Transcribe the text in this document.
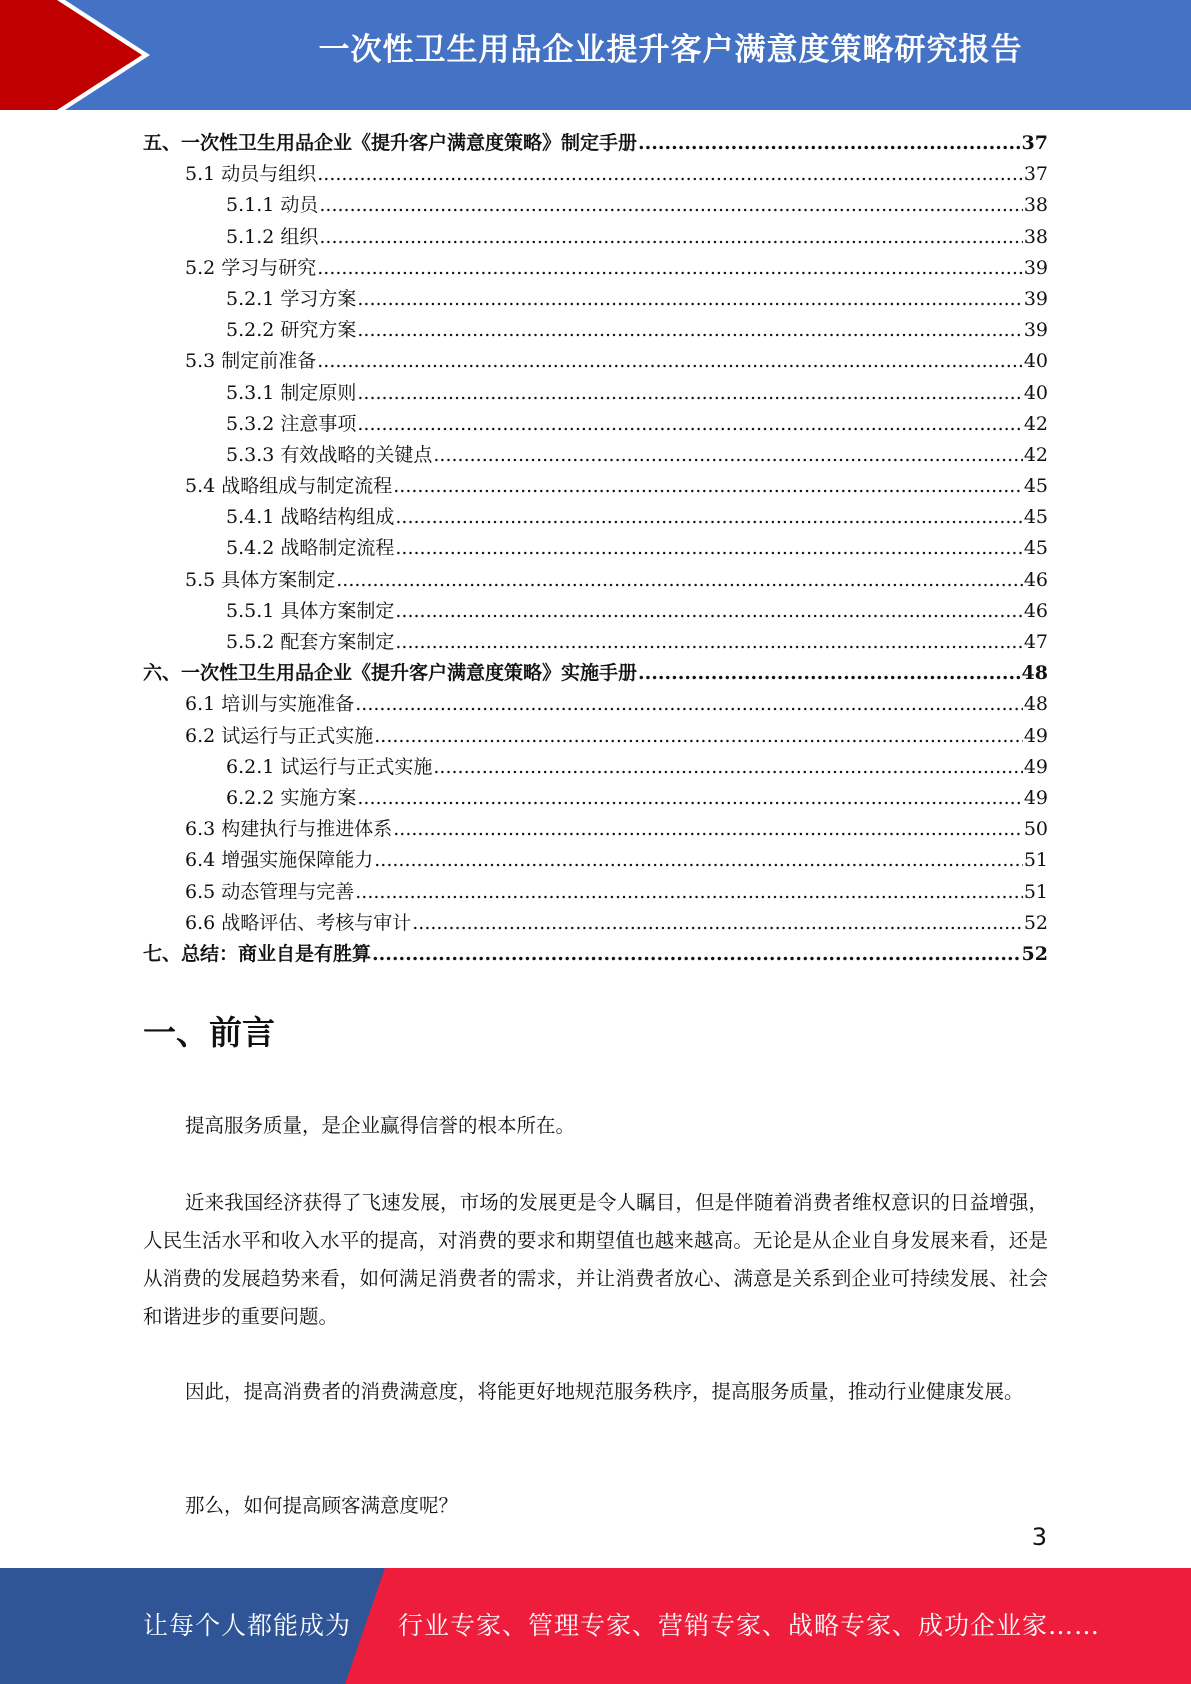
一次性卫生用品企业提升客户满意度策略研究报告
五、一次性卫生用品企业《提升客户满意度策略》制定手册 .....	37
5.1 动员与组织 .....	37
5.1.1 动员 .....	38
5.1.2 组织 .....	38
5.2 学习与研究 .....	39
5.2.1 学习方案 .....	39
5.2.2 研究方案 .....	39
5.3 制定前准备 .....	40
5.3.1 制定原则 .....	40
5.3.2 注意事项 .....	42
5.3.3 有效战略的关键点 .....	42
5.4 战略组成与制定流程 .....	45
5.4.1 战略结构组成 .....	45
5.4.2 战略制定流程 .....	45
5.5 具体方案制定 .....	46
5.5.1 具体方案制定 .....	46
5.5.2 配套方案制定 .....	47
六、一次性卫生用品企业《提升客户满意度策略》实施手册 .....	48
6.1 培训与实施准备 .....	48
6.2 试运行与正式实施 .....	49
6.2.1 试运行与正式实施 .....	49
6.2.2 实施方案 .....	49
6.3 构建执行与推进体系 .....	50
6.4 增强实施保障能力 .....	51
6.5 动态管理与完善 .....	51
6.6 战略评估、考核与审计 .....	52
七、总结：商业自是有胜算 .....	52
一、前言

提高服务质量，是企业赢得信誉的根本所在。

近来我国经济获得了飞速发展，市场的发展更是令人瞩目，但是伴随着消费者维权意识的日益增强，人民生活水平和收入水平的提高，对消费的要求和期望值也越来越高。无论是从企业自身发展来看，还是从消费的发展趋势来看，如何满足消费者的需求，并让消费者放心、满意是关系到企业可持续发展、社会和谐进步的重要问题。

因此，提高消费者的消费满意度，将能更好地规范服务秩序，提高服务质量，推动行业健康发展。

那么，如何提高顾客满意度呢？

3
让每个人都能成为 行业专家、管理专家、营销专家、战略专家、成功企业家……
